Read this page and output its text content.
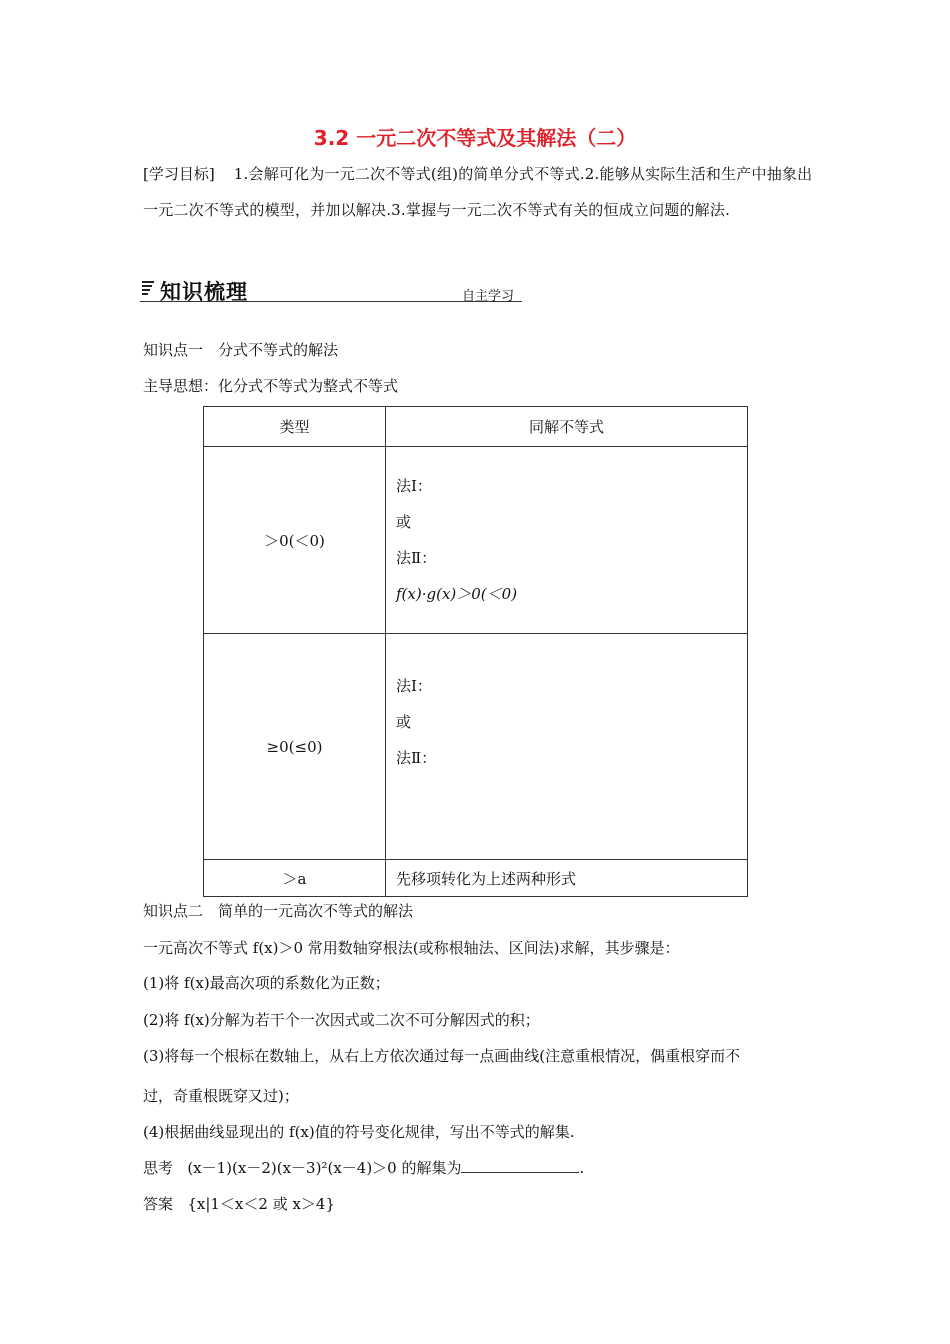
3.2 一元二次不等式及其解法（二）
[学习目标] 1.会解可化为一元二次不等式(组)的简单分式不等式.2.能够从实际生活和生产中抽象出一元二次不等式的模型，并加以解决.3.掌握与一元二次不等式有关的恒成立问题的解法.
知识梳理	自主学习
知识点一　分式不等式的解法
主导思想：化分式不等式为整式不等式
类型	同解不等式
＞0(＜0)	法Ⅰ：
或
法Ⅱ：
f(x)·g(x)＞0(＜0)

≥0(≤0)	法Ⅰ：
或
法Ⅱ：

＞a	先移项转化为上述两种形式
知识点二　简单的一元高次不等式的解法
一元高次不等式 f(x)＞0 常用数轴穿根法(或称根轴法、区间法)求解，其步骤是：
(1)将 f(x)最高次项的系数化为正数；
(2)将 f(x)分解为若干个一次因式或二次不可分解因式的积；
(3)将每一个根标在数轴上，从右上方依次通过每一点画曲线(注意重根情况，偶重根穿而不
过，奇重根既穿又过)；
(4)根据曲线显现出的 f(x)值的符号变化规律，写出不等式的解集.
思考 (x－1)(x－2)(x－3)²(x－4)＞0 的解集为	.
答案 {x|1＜x＜2 或 x＞4}
